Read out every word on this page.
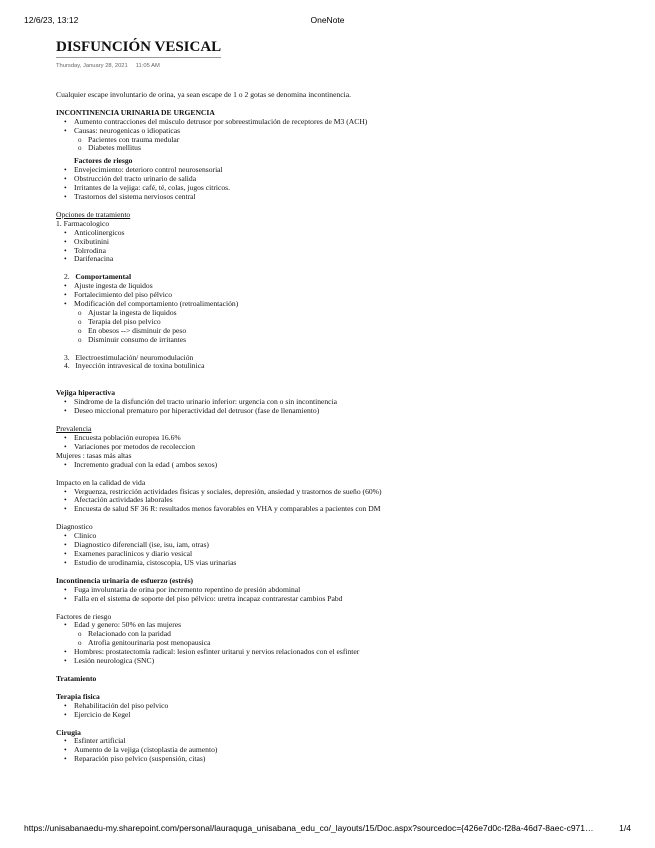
12/6/23, 13:12	OneNote
DISFUNCIÓN VESICAL
Thursday, January 28, 2021 11:05 AM
Cualquier escape involuntario de orina, ya sean escape de 1 o 2 gotas se denomina incontinencia.
INCONTINENCIA URINARIA DE URGENCIA
• Aumento contracciones del músculo detrusor por sobreestimulación de receptores de M3 (ACH)
• Causas: neurogenicas o idiopaticas
o Pacientes con trauma medular
o Diabetes mellitus
Factores de riesgo
• Envejecimiento: deterioro control neurosensorial
• Obstrucción del tracto urinario de salida
• Irritantes de la vejiga: café, té, colas, jugos citricos.
• Trastornos del sistema nerviosos central
Opciones de tratamiento
1. Farmacologico
• Anticolinergicos
• Oxibutinini
• Tolrrodina
• Darifenacina
2. Comportamental
• Ajuste ingesta de liquidos
• Fortalecimiento del piso pélvico
• Modificación del comportamiento (retroalimentación)
o Ajustar la ingesta de liquidos
o Terapia del piso pelvico
o En obesos --> disminuir de peso
o Disminuir consumo de irritantes
3. Electroestimulación/ neuromodulación
4. Inyección intravesical de toxina botulinica
Vejiga hiperactiva
• Sindrome de la disfunción del tracto urinario inferior: urgencia con o sin incontinencia
• Deseo miccional prematuro por hiperactividad del detrusor (fase de llenamiento)
Prevalencia
• Encuesta población europea 16.6%
• Variaciones por metodos de recoleccion
Mujeres : tasas más altas
• Incremento gradual con la edad ( ambos sexos)
Impacto en la calidad de vida
• Verguenza, restricción actividades físicas y sociales, depresión, ansiedad y trastornos de sueño (60%)
• Afectación actividades laborales
• Encuesta de salud SF 36 R: resultados menos favorables en VHA y comparables a pacientes con DM
Diagnostico
• Clinico
• Diagnostico diferenciall (ise, isu, iam, otras)
• Examenes paraclinicos y diario vesical
• Estudio de urodinamia, cistoscopia, US vias urinarias
Incontinencia urinaria de esfuerzo (estrés)
• Fuga involuntaria de orina por incremento repentino de presión abdominal
• Falla en el sistema de soporte del piso pélvico: uretra incapaz contrarestar cambios Pabd
Factores de riesgo
• Edad y genero: 50% en las mujeres
o Relacionado con la paridad
o Atrofia genitourinaria post menopausica
• Hombres: prostatectomía radical: lesion esfinter uritarui y nervios relacionados con el esfinter
• Lesión neurologica (SNC)
Tratamiento
Terapia fisica
• Rehabilitación del piso pelvico
• Ejercicio de Kegel
Cirugia
• Esfinter artificial
• Aumento de la vejiga (cistoplastia de aumento)
• Reparación piso pelvico (suspensión, citas)
https://unisabanaedu-my.sharepoint.com/personal/lauraquga_unisabana_edu_co/_layouts/15/Doc.aspx?sourcedoc={426e7d0c-f28a-46d7-8aec-c971…	1/4
